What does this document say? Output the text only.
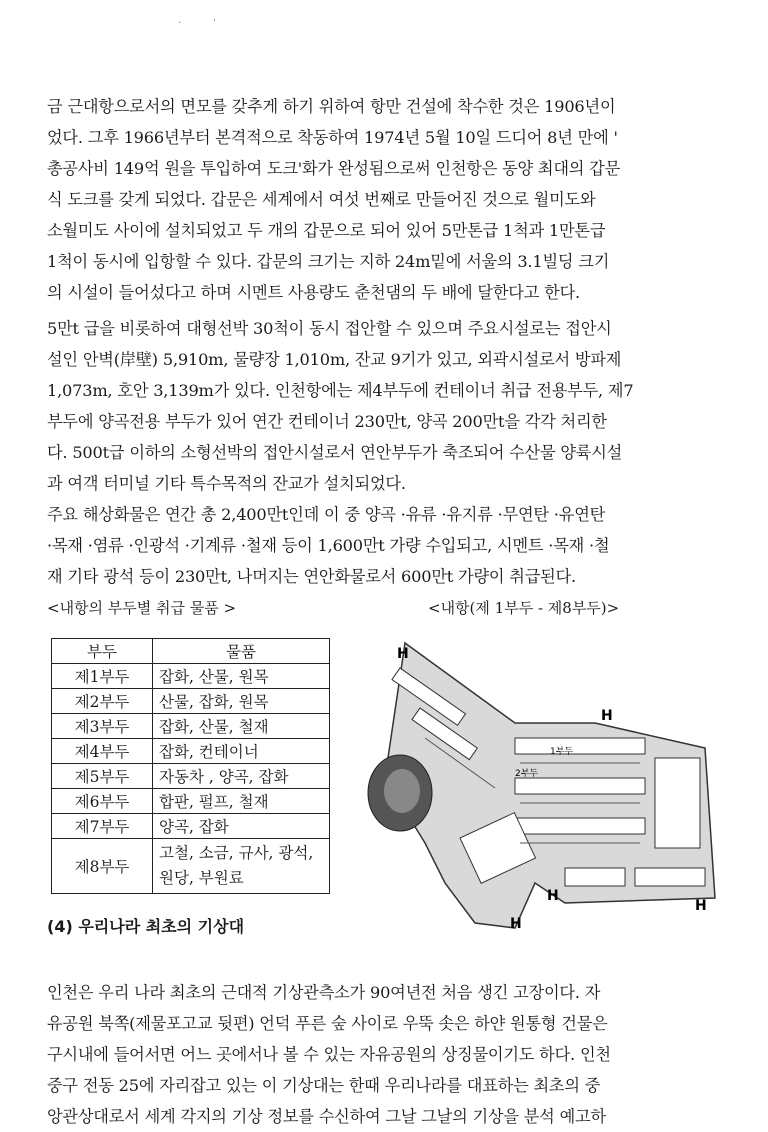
·          '
금 근대항으로서의 면모를 갖추게 하기 위하여 항만 건설에 착수한 것은 1906년이
었다. 그후 1966년부터 본격적으로 착동하여 1974년 5월 10일 드디어 8년 만에 '
총공사비 149억 원을 투입하여 도크'화가 완성됨으로써 인천항은 동양 최대의 갑문
식 도크를 갖게 되었다. 갑문은 세계에서 여섯 번째로 만들어진 것으로 월미도와
소월미도 사이에 설치되었고 두 개의 갑문으로 되어 있어 5만톤급 1척과 1만톤급
1척이 동시에 입항할 수 있다. 갑문의 크기는 지하 24m밑에 서울의 3.1빌딩 크기
의 시설이 들어섰다고 하며 시멘트 사용량도 춘천댐의 두 배에 달한다고 한다.
5만t 급을 비롯하여 대형선박 30척이 동시 접안할 수 있으며 주요시설로는 접안시
설인 안벽(岸壁) 5,910m, 물량장 1,010m, 잔교 9기가 있고, 외곽시설로서 방파제
1,073m, 호안 3,139m가 있다. 인천항에는 제4부두에 컨테이너 취급 전용부두, 제7
부두에 양곡전용 부두가 있어 연간 컨테이너 230만t, 양곡 200만t을 각각 처리한
다. 500t급 이하의 소형선박의 접안시설로서 연안부두가 축조되어 수산물 양륙시설
과 여객 터미널 기타 특수목적의 잔교가 설치되었다.
주요 해상화물은 연간 총 2,400만t인데 이 중 양곡 ·유류 ·유지류 ·무연탄 ·유연탄
·목재 ·염류 ·인광석 ·기계류 ·철재 등이 1,600만t 가량 수입되고, 시멘트 ·목재 ·철
재 기타 광석 등이 230만t, 나머지는 연안화물로서 600만t 가량이 취급된다.
<내항의 부두별 취급 물품 >	<내항(제 1부두 - 제8부두)>
부두	물품
제1부두	잡화, 산물, 원목
제2부두	산물, 잡화, 원목
제3부두	잡화, 산물, 철재
제4부두	잡화, 컨테이너
제5부두	자동차 , 양곡, 잡화
제6부두	합판, 펄프, 철재
제7부두	양곡, 잡화
제8부두	고철, 소금, 규사, 광석, 원당, 부원료
1부두
2부두
H
H
H
H
H
(4) 우리나라 최초의 기상대
인천은 우리 나라 최초의 근대적 기상관측소가 90여년전 처음 생긴 고장이다. 자
유공원 북쪽(제물포고교 뒷편) 언덕 푸른 숲 사이로 우뚝 솟은 하얀 원통형 건물은
구시내에 들어서면 어느 곳에서나 볼 수 있는 자유공원의 상징물이기도 하다. 인천
중구 전동 25에 자리잡고 있는 이 기상대는 한때 우리나라를 대표하는 최초의 중
앙관상대로서 세계 각지의 기상 정보를 수신하여 그날 그날의 기상을 분석 예고하
